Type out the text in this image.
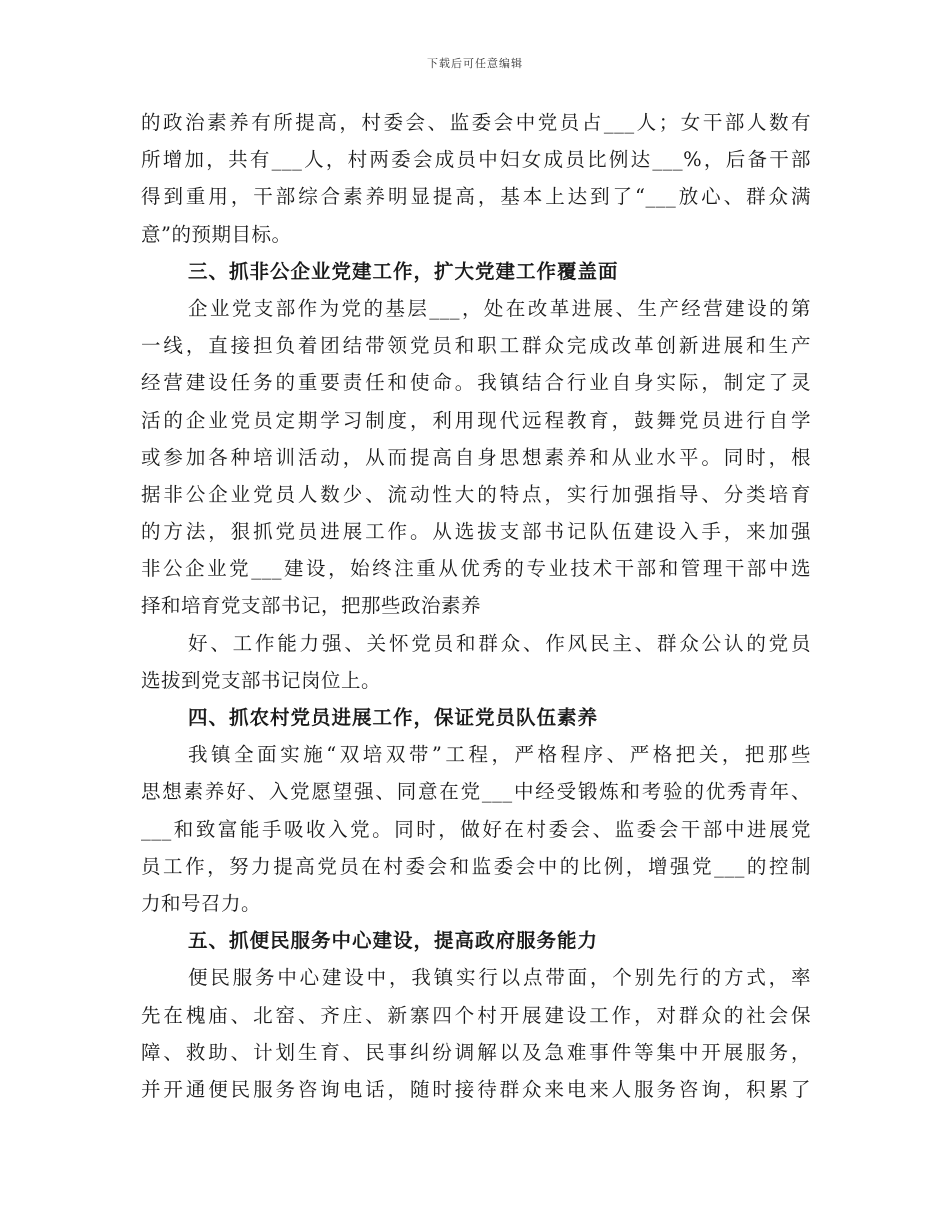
下载后可任意编辑
的政治素养有所提高，村委会、监委会中党员占___人；女干部人数有
所增加，共有___人，村两委会成员中妇女成员比例达___%，后备干部
得到重用，干部综合素养明显提高，基本上达到了“___放心、群众满
意”的预期目标。
三、抓非公企业党建工作，扩大党建工作覆盖面
企业党支部作为党的基层___，处在改革进展、生产经营建设的第
一线，直接担负着团结带领党员和职工群众完成改革创新进展和生产
经营建设任务的重要责任和使命。我镇结合行业自身实际，制定了灵
活的企业党员定期学习制度，利用现代远程教育，鼓舞党员进行自学
或参加各种培训活动，从而提高自身思想素养和从业水平。同时，根
据非公企业党员人数少、流动性大的特点，实行加强指导、分类培育
的方法，狠抓党员进展工作。从选拔支部书记队伍建设入手，来加强
非公企业党___建设，始终注重从优秀的专业技术干部和管理干部中选
择和培育党支部书记，把那些政治素养
好、工作能力强、关怀党员和群众、作风民主、群众公认的党员
选拔到党支部书记岗位上。
四、抓农村党员进展工作，保证党员队伍素养
我镇全面实施“双培双带”工程，严格程序、严格把关，把那些
思想素养好、入党愿望强、同意在党___中经受锻炼和考验的优秀青年、
___和致富能手吸收入党。同时，做好在村委会、监委会干部中进展党
员工作，努力提高党员在村委会和监委会中的比例，增强党___的控制
力和号召力。
五、抓便民服务中心建设，提高政府服务能力
便民服务中心建设中，我镇实行以点带面，个别先行的方式，率
先在槐庙、北窑、齐庄、新寨四个村开展建设工作，对群众的社会保
障、救助、计划生育、民事纠纷调解以及急难事件等集中开展服务，
并开通便民服务咨询电话，随时接待群众来电来人服务咨询，积累了
